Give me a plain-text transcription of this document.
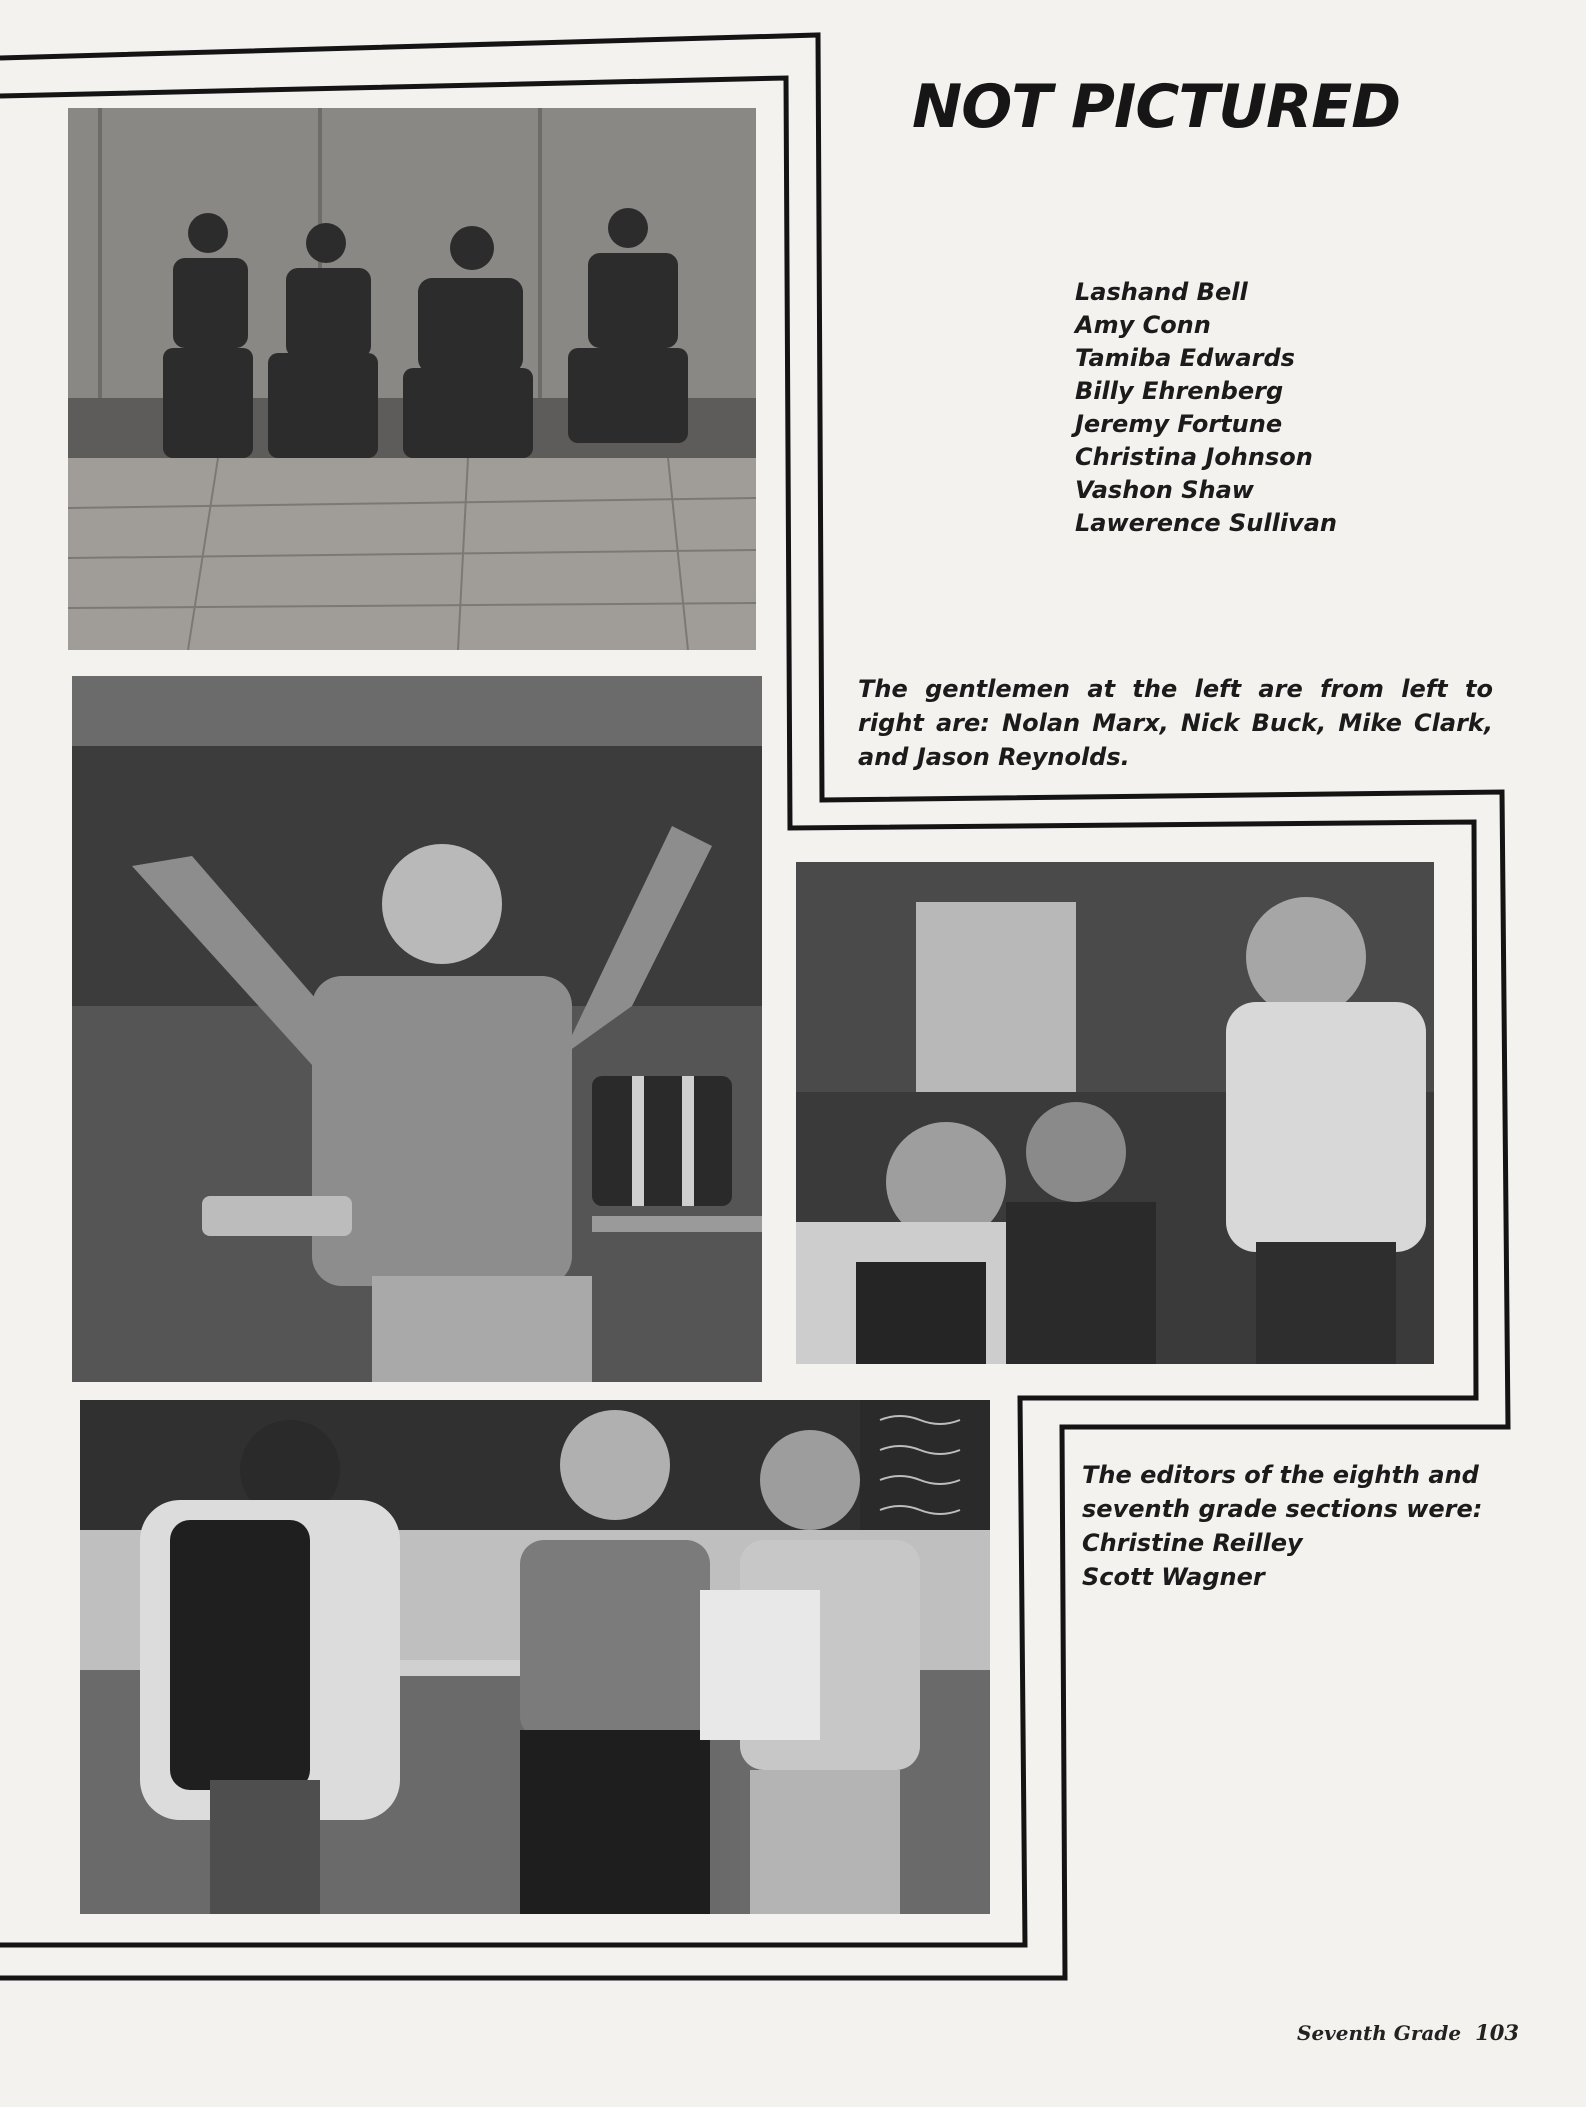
NOT PICTURED
Lashand Bell
Amy Conn
Tamiba Edwards
Billy Ehrenberg
Jeremy Fortune
Christina Johnson
Vashon Shaw
Lawerence Sullivan

The gentlemen at the left are from left to right are: Nolan Marx, Nick Buck, Mike Clark, and Jason Reynolds.

The editors of the eighth and
seventh grade sections were:
Christine Reilley
Scott Wagner

Seventh Grade 103
